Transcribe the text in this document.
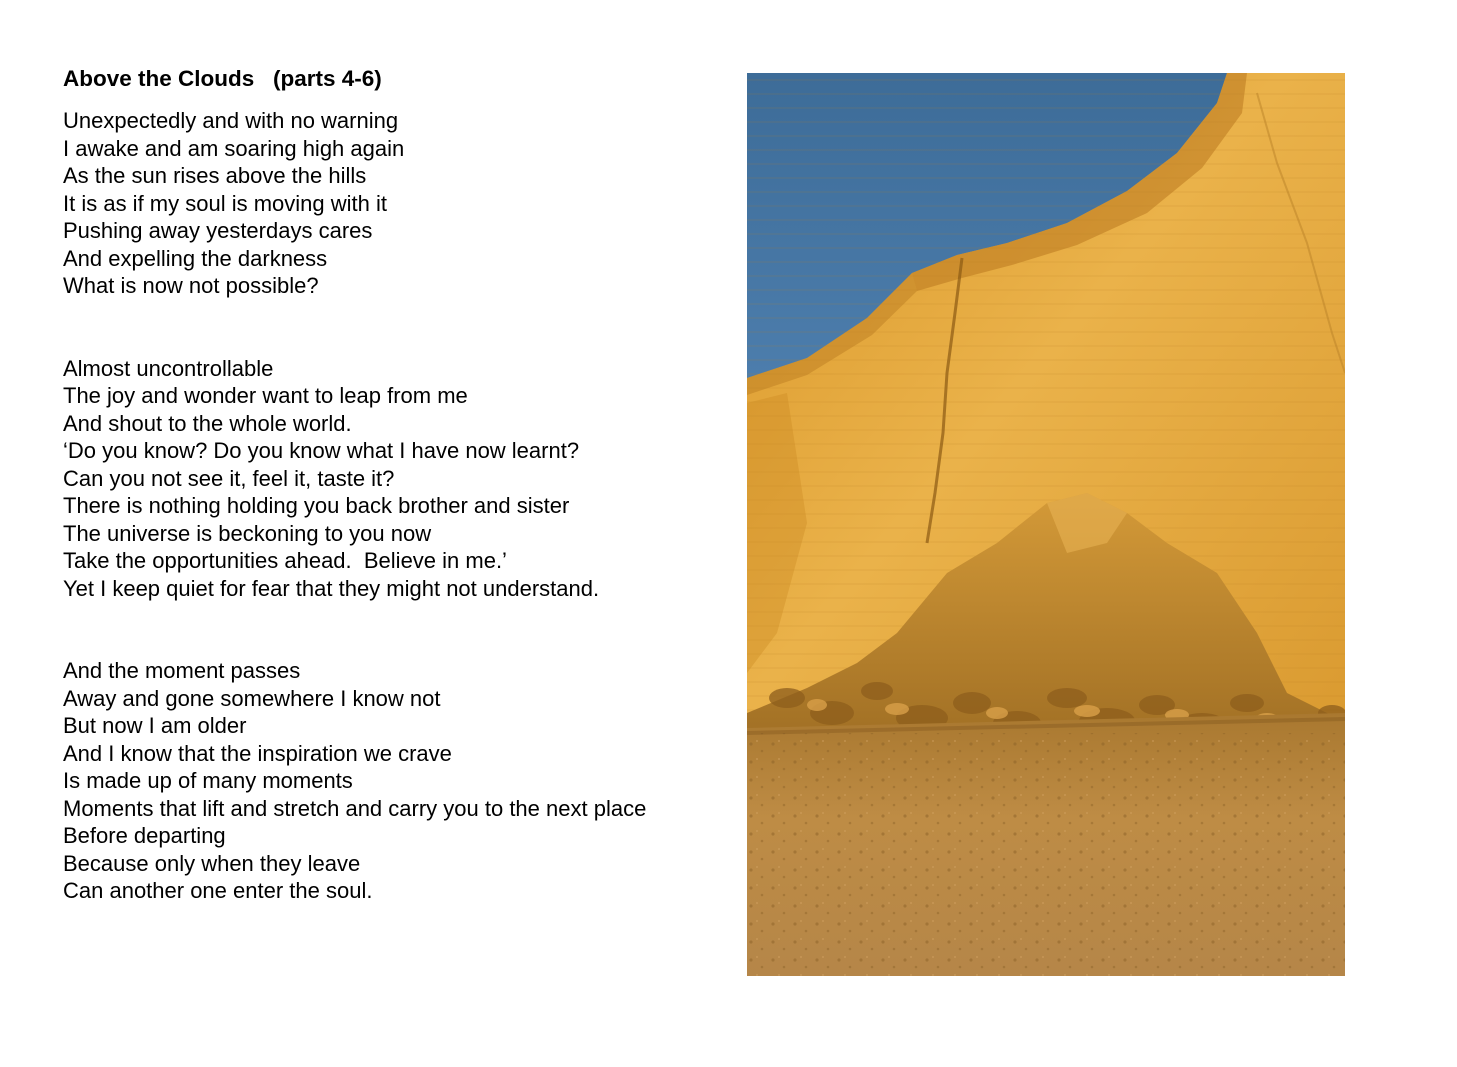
Above the Clouds   (parts 4-6)
Unexpectedly and with no warning
I awake and am soaring high again
As the sun rises above the hills
It is as if my soul is moving with it
Pushing away yesterdays cares
And expelling the darkness
What is now not possible?
Almost uncontrollable
The joy and wonder want to leap from me
And shout to the whole world.
‘Do you know? Do you know what I have now learnt?
Can you not see it, feel it, taste it?
There is nothing holding you back brother and sister
The universe is beckoning to you now
Take the opportunities ahead.  Believe in me.’
Yet I keep quiet for fear that they might not understand.
And the moment passes
Away and gone somewhere I know not
But now I am older
And I know that the inspiration we crave
Is made up of many moments
Moments that lift and stretch and carry you to the next place
Before departing
Because only when they leave
Can another one enter the soul.
